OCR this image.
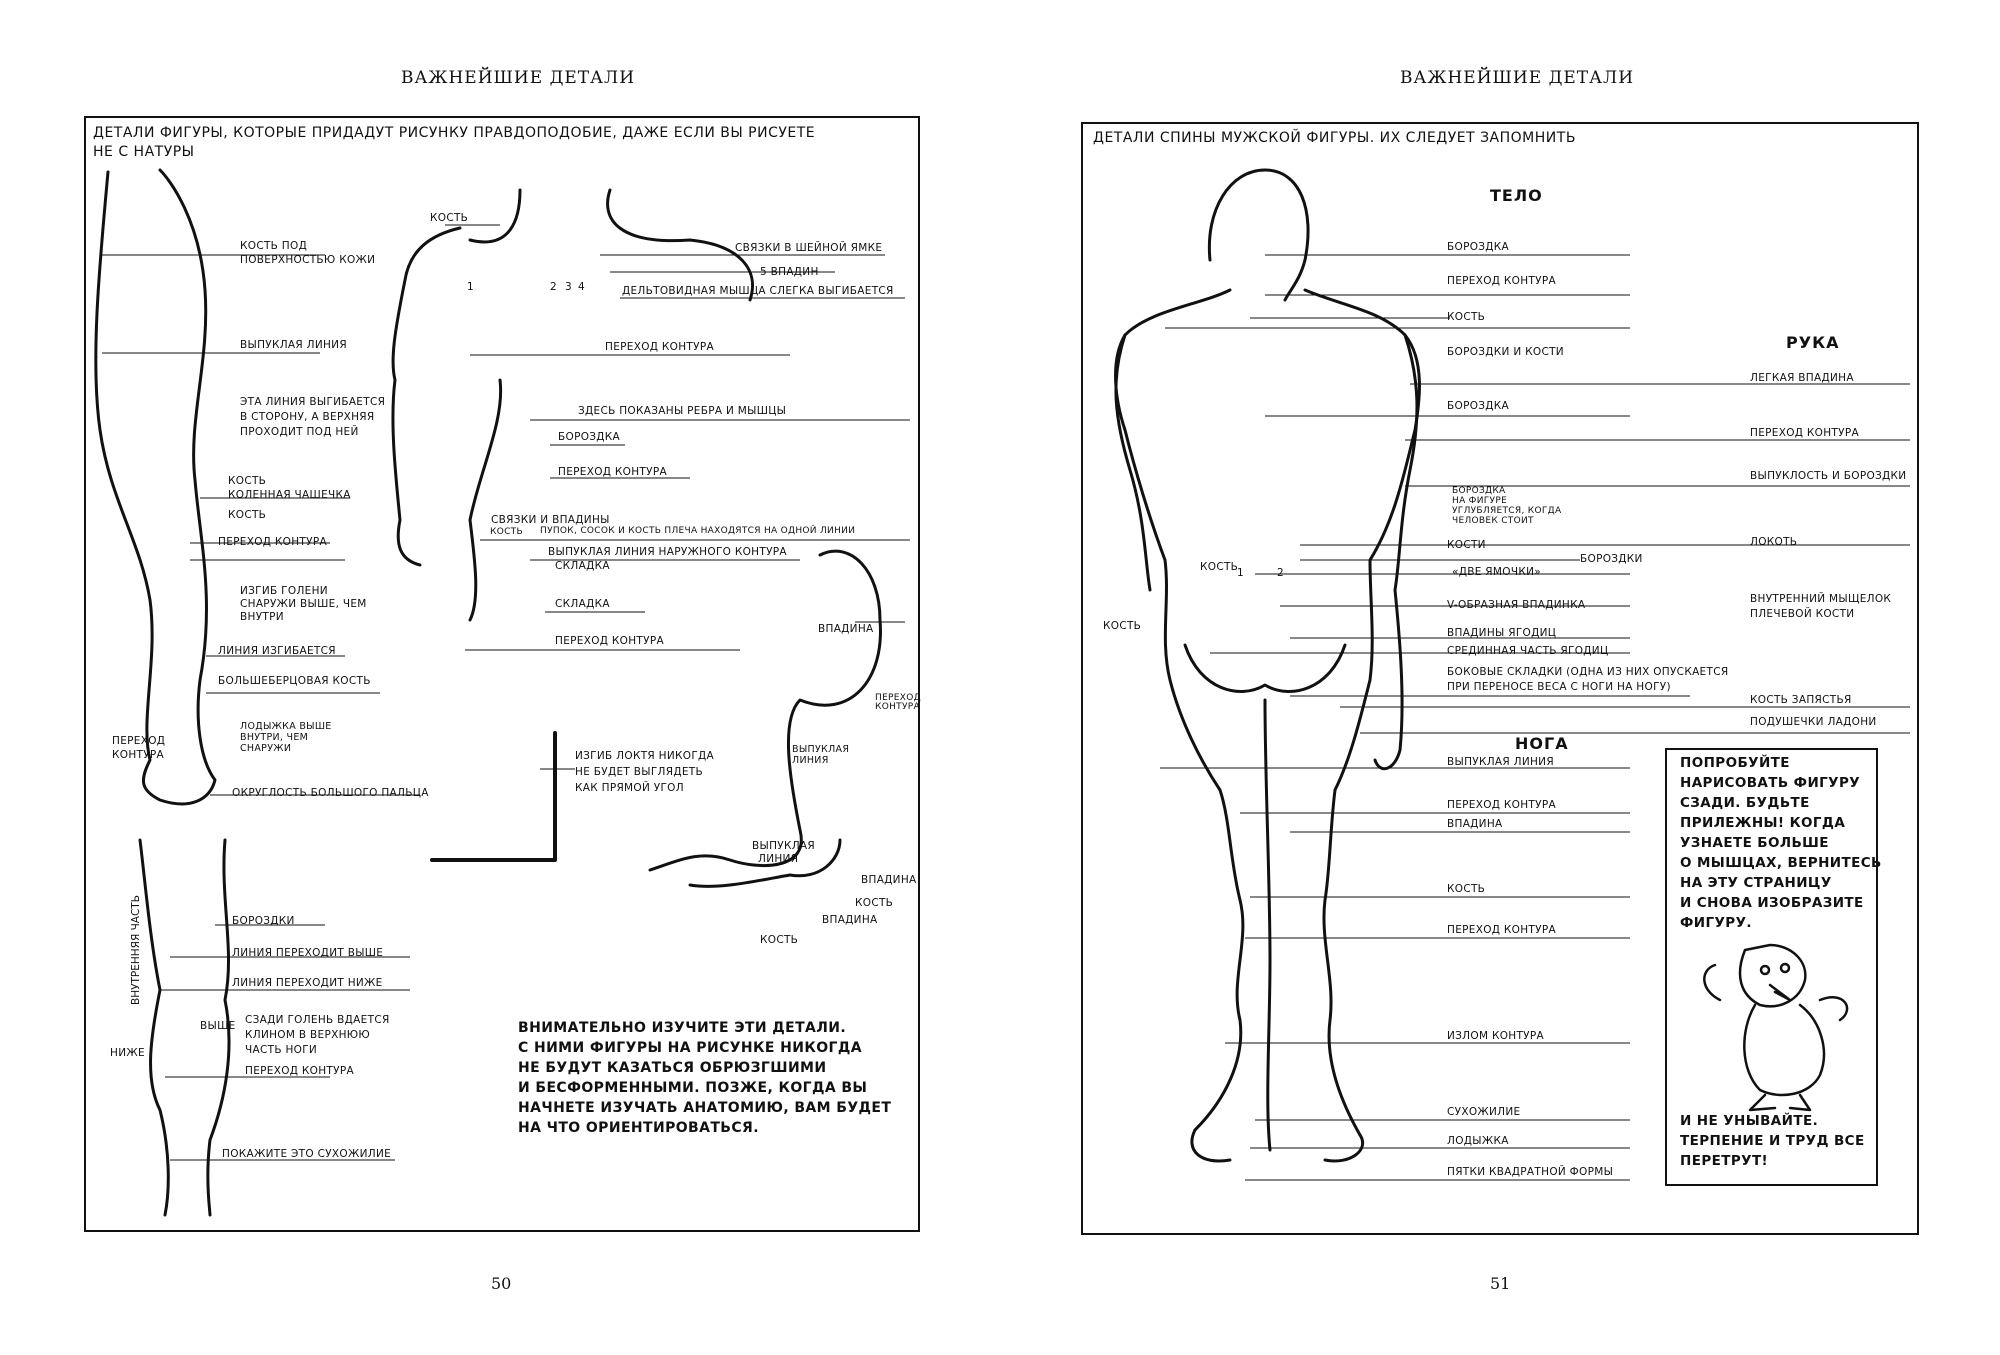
ВАЖНЕЙШИЕ ДЕТАЛИ
ДЕТАЛИ ФИГУРЫ, КОТОРЫЕ ПРИДАДУТ РИСУНКУ ПРАВДОПОДОБИЕ, ДАЖЕ ЕСЛИ ВЫ РИСУЕТЕ
НЕ С НАТУРЫ
КОСТЬ ПОД
ПОВЕРХНОСТЬЮ КОЖИ
ВЫПУКЛАЯ ЛИНИЯ
ЭТА ЛИНИЯ ВЫГИБАЕТСЯ
В СТОРОНУ, А ВЕРХНЯЯ
ПРОХОДИТ ПОД НЕЙ
КОСТЬ
КОЛЕННАЯ ЧАШЕЧКА
КОСТЬ
ПЕРЕХОД КОНТУРА
ИЗГИБ ГОЛЕНИ
СНАРУЖИ ВЫШЕ, ЧЕМ
ВНУТРИ
ЛИНИЯ ИЗГИБАЕТСЯ
БОЛЬШЕБЕРЦОВАЯ КОСТЬ
ЛОДЫЖКА ВЫШЕ
ВНУТРИ, ЧЕМ
СНАРУЖИ
ПЕРЕХОД
КОНТУРА
ОКРУГЛОСТЬ БОЛЬШОГО ПАЛЬЦА
КОСТЬ
СВЯЗКИ В ШЕЙНОЙ ЯМКЕ
5 ВПАДИН
ДЕЛЬТОВИДНАЯ МЫШЦА СЛЕГКА ВЫГИБАЕТСЯ
ПЕРЕХОД КОНТУРА
ЗДЕСЬ ПОКАЗАНЫ РЕБРА И МЫШЦЫ
БОРОЗДКА
ПЕРЕХОД КОНТУРА
СВЯЗКИ И ВПАДИНЫ
ПУПОК, СОСОК И КОСТЬ ПЛЕЧА НАХОДЯТСЯ НА ОДНОЙ ЛИНИИ
КОСТЬ
ВЫПУКЛАЯ ЛИНИЯ НАРУЖНОГО КОНТУРА
СКЛАДКА
СКЛАДКА
ПЕРЕХОД КОНТУРА
1	2 3 4
ВПАДИНА
ПЕРЕХОД
КОНТУРА
ВЫПУКЛАЯ
ЛИНИЯ
ВЫПУКЛАЯ
ЛИНИЯ
ВПАДИНА
КОСТЬ
ВПАДИНА
КОСТЬ
ИЗГИБ ЛОКТЯ НИКОГДА
НЕ БУДЕТ ВЫГЛЯДЕТЬ
КАК ПРЯМОЙ УГОЛ
БОРОЗДКИ
ЛИНИЯ ПЕРЕХОДИТ ВЫШЕ
ЛИНИЯ ПЕРЕХОДИТ НИЖЕ
СЗАДИ ГОЛЕНЬ ВДАЕТСЯ
КЛИНОМ В ВЕРХНЮЮ
ЧАСТЬ НОГИ
ПЕРЕХОД КОНТУРА
ПОКАЖИТЕ ЭТО СУХОЖИЛИЕ
ВНУТРЕННЯЯ ЧАСТЬ
ВЫШЕ
НИЖЕ
ВНИМАТЕЛЬНО ИЗУЧИТЕ ЭТИ ДЕТАЛИ.
С НИМИ ФИГУРЫ НА РИСУНКЕ НИКОГДА
НЕ БУДУТ КАЗАТЬСЯ ОБРЮЗГШИМИ
И БЕСФОРМЕННЫМИ. ПОЗЖЕ, КОГДА ВЫ
НАЧНЕТЕ ИЗУЧАТЬ АНАТОМИЮ, ВАМ БУДЕТ
НА ЧТО ОРИЕНТИРОВАТЬСЯ.
50
ВАЖНЕЙШИЕ ДЕТАЛИ
ДЕТАЛИ СПИНЫ МУЖСКОЙ ФИГУРЫ. ИХ СЛЕДУЕТ ЗАПОМНИТЬ
ТЕЛО
РУКА
НОГА
БОРОЗДКА
ПЕРЕХОД КОНТУРА
КОСТЬ
БОРОЗДКИ И КОСТИ
БОРОЗДКА
БОРОЗДКА
НА ФИГУРЕ
УГЛУБЛЯЕТСЯ, КОГДА
ЧЕЛОВЕК СТОИТ
КОСТИ
БОРОЗДКИ
«ДВЕ ЯМОЧКИ»
V-ОБРАЗНАЯ ВПАДИНКА
ВПАДИНЫ ЯГОДИЦ
СРЕДИННАЯ ЧАСТЬ ЯГОДИЦ
БОКОВЫЕ СКЛАДКИ (ОДНА ИЗ НИХ ОПУСКАЕТСЯ
ПРИ ПЕРЕНОСЕ ВЕСА С НОГИ НА НОГУ)
КОСТЬ
КОСТЬ
1	2
ЛЕГКАЯ ВПАДИНА
ПЕРЕХОД КОНТУРА
ВЫПУКЛОСТЬ И БОРОЗДКИ
ЛОКОТЬ
ВНУТРЕННИЙ МЫЩЕЛОК
ПЛЕЧЕВОЙ КОСТИ
КОСТЬ ЗАПЯСТЬЯ
ПОДУШЕЧКИ ЛАДОНИ
ВЫПУКЛАЯ ЛИНИЯ
ПЕРЕХОД КОНТУРА
ВПАДИНА
КОСТЬ
ПЕРЕХОД КОНТУРА
ИЗЛОМ КОНТУРА
СУХОЖИЛИЕ
ЛОДЫЖКА
ПЯТКИ КВАДРАТНОЙ ФОРМЫ
ПОПРОБУЙТЕ
НАРИСОВАТЬ ФИГУРУ
СЗАДИ. БУДЬТЕ
ПРИЛЕЖНЫ! КОГДА
УЗНАЕТЕ БОЛЬШЕ
О МЫШЦАХ, ВЕРНИТЕСЬ
НА ЭТУ СТРАНИЦУ
И СНОВА ИЗОБРАЗИТЕ
ФИГУРУ.
И НЕ УНЫВАЙТЕ.
ТЕРПЕНИЕ И ТРУД ВСЕ
ПЕРЕТРУТ!
51
